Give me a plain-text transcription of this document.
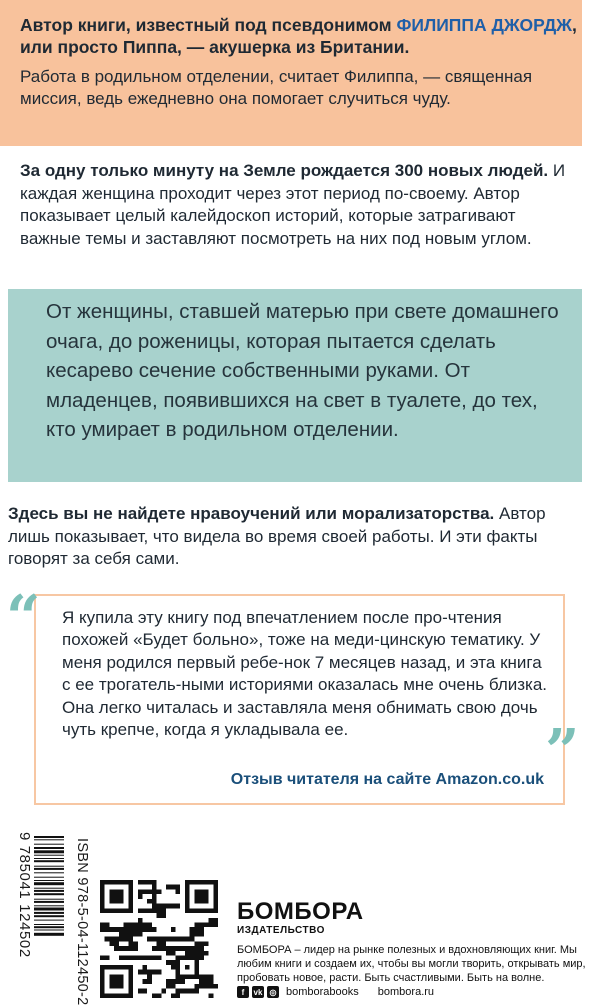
Автор книги, известный под псевдонимом ФИЛИППА ДЖОРДЖ, или просто Пиппа, — акушерка из Британии.
Работа в родильном отделении, считает Филиппа, — священная миссия, ведь ежедневно она помогает случиться чуду.
За одну только минуту на Земле рождается 300 новых людей. И каждая женщина проходит через этот период по-своему. Автор показывает целый калейдоскоп историй, которые затрагивают важные темы и заставляют посмотреть на них под новым углом.
От женщины, ставшей матерью при свете домашнего очага, до роженицы, которая пытается сделать кесарево сечение собственными руками. От младенцев, появившихся на свет в туалете, до тех, кто умирает в родильном отделении.
Здесь вы не найдете нравоучений или морализаторства. Автор лишь показывает, что видела во время своей работы. И эти факты говорят за себя сами.
“ Я купила эту книгу под впечатлением после про-чтения похожей «Будет больно», тоже на меди-цинскую тематику. У меня родился первый ребе-нок 7 месяцев назад, и эта книга с ее трогатель-ными историями оказалась мне очень близка. Она легко читалась и заставляла меня обнимать свою дочь чуть крепче, когда я укладывала ее.	”
Отзыв читателя на сайте Amazon.co.uk
9 785041 124502	ISBN 978-5-04-112450-2	БОМБОРА
ИЗДАТЕЛЬСТВО
БОМБОРА – лидер на рынке полезных и вдохновляющих книг. Мы любим книги и создаем их, чтобы вы могли творить, открывать мир, пробовать новое, расти. Быть счастливыми. Быть на волне.
f	vk ◎ bomborabooks bombora.ru
